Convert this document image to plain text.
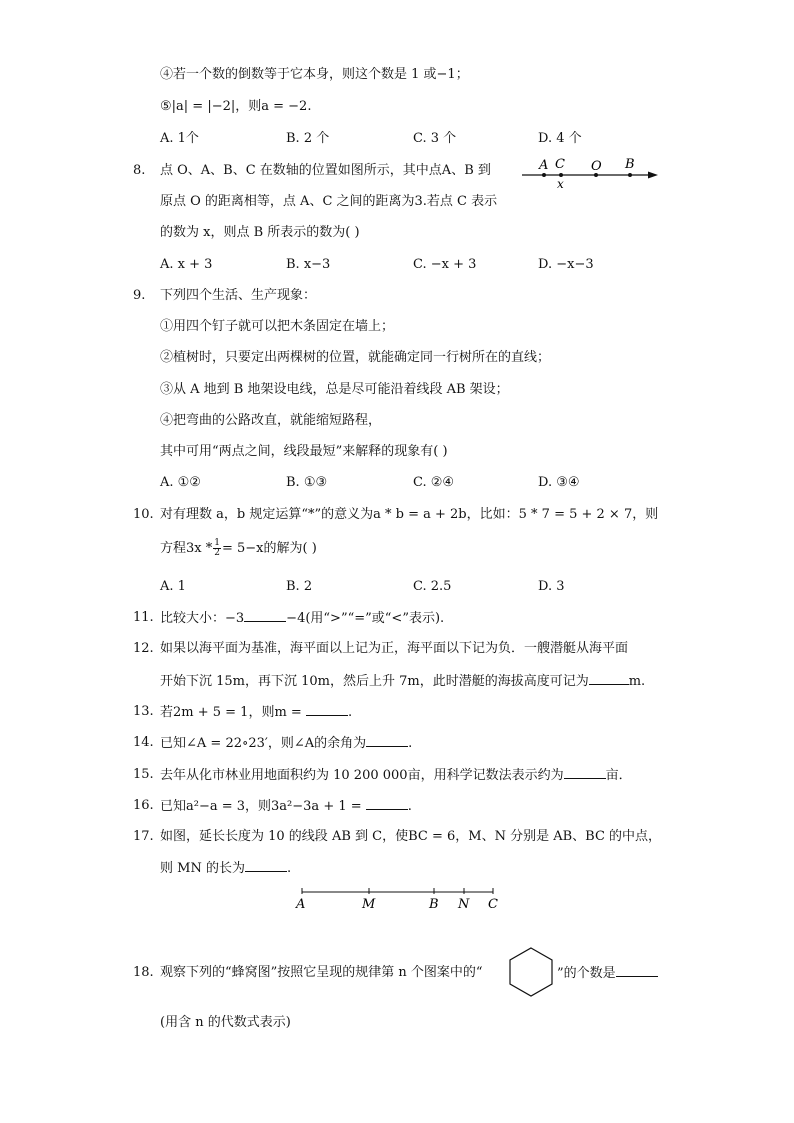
④若一个数的倒数等于它本身，则这个数是 1 或−1；
⑤|a| = |−2|，则a = −2.
A. 1个	B. 2 个	C. 3 个	D. 4 个
8.	点 O、A、B、C 在数轴的位置如图所示，其中点A、B 到
原点 O 的距离相等，点 A、C 之间的距离为3.若点 C 表示
的数为 x，则点 B 所表示的数为( )
A C O B
x
A. x + 3	B. x−3	C. −x + 3	D. −x−3
9.	下列四个生活、生产现象：
①用四个钉子就可以把木条固定在墙上；
②植树时，只要定出两棵树的位置，就能确定同一行树所在的直线；
③从 A 地到 B 地架设电线，总是尽可能沿着线段 AB 架设；
④把弯曲的公路改直，就能缩短路程，
其中可用“两点之间，线段最短”来解释的现象有( )
A. ①②	B. ①③	C. ②④	D. ③④
10. 对有理数 a，b 规定运算“*”的意义为a * b = a + 2b，比如：5 * 7 = 5 + 2 × 7，则
方程$3x * \frac{1}{2} = 5-x$的解为( )
A. 1	B. 2	C. 2.5	D. 3
11. 比较大小：−3	−4(用“>”“=”或“<”表示).
12. 如果以海平面为基准，海平面以上记为正，海平面以下记为负．一艘潜艇从海平面
开始下沉 15m，再下沉 10m，然后上升 7m，此时潜艇的海拔高度可记为	m.
13. 若2m + 5 = 1，则m =	.
14. 已知∠A = 22∘23′，则∠A的余角为	.
15. 去年从化市林业用地面积约为 10 200 000亩，用科学记数法表示约为	亩．
16. 已知a²−a = 3，则3a²−3a + 1 =	.
17. 如图，延长长度为 10 的线段 AB 到 C，使BC = 6，M、N 分别是 AB、BC 的中点，
则 MN 的长为	.
A	M	B N C
18. 观察下列的“蜂窝图”按照它呈现的规律第 n 个图案中的“	”的个数是
(用含 n 的代数式表示)
